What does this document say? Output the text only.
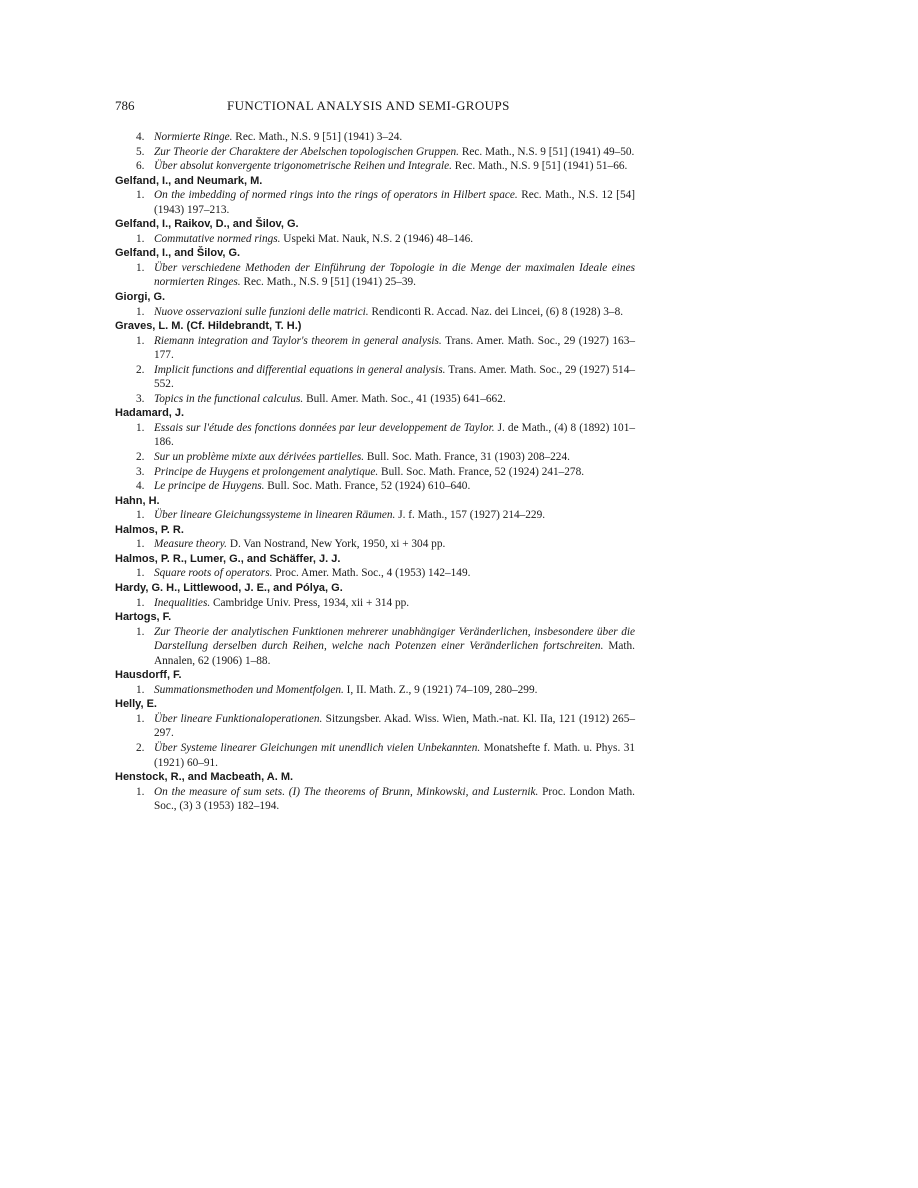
786	FUNCTIONAL ANALYSIS AND SEMI-GROUPS
4. Normierte Ringe. Rec. Math., N.S. 9 [51] (1941) 3–24.
5. Zur Theorie der Charaktere der Abelschen topologischen Gruppen. Rec. Math., N.S. 9 [51] (1941) 49–50.
6. Über absolut konvergente trigonometrische Reihen und Integrale. Rec. Math., N.S. 9 [51] (1941) 51–66.
Gelfand, I., and Neumark, M.
1. On the imbedding of normed rings into the rings of operators in Hilbert space. Rec. Math., N.S. 12 [54] (1943) 197–213.
Gelfand, I., Raikov, D., and Šilov, G.
1. Commutative normed rings. Uspeki Mat. Nauk, N.S. 2 (1946) 48–146.
Gelfand, I., and Šilov, G.
1. Über verschiedene Methoden der Einführung der Topologie in die Menge der maximalen Ideale eines normierten Ringes. Rec. Math., N.S. 9 [51] (1941) 25–39.
Giorgi, G.
1. Nuove osservazioni sulle funzioni delle matrici. Rendiconti R. Accad. Naz. dei Lincei, (6) 8 (1928) 3–8.
Graves, L. M. (Cf. Hildebrandt, T. H.)
1. Riemann integration and Taylor's theorem in general analysis. Trans. Amer. Math. Soc., 29 (1927) 163–177.
2. Implicit functions and differential equations in general analysis. Trans. Amer. Math. Soc., 29 (1927) 514–552.
3. Topics in the functional calculus. Bull. Amer. Math. Soc., 41 (1935) 641–662.
Hadamard, J.
1. Essais sur l'étude des fonctions données par leur developpement de Taylor. J. de Math., (4) 8 (1892) 101–186.
2. Sur un problème mixte aux dérivées partielles. Bull. Soc. Math. France, 31 (1903) 208–224.
3. Principe de Huygens et prolongement analytique. Bull. Soc. Math. France, 52 (1924) 241–278.
4. Le principe de Huygens. Bull. Soc. Math. France, 52 (1924) 610–640.
Hahn, H.
1. Über lineare Gleichungssysteme in linearen Räumen. J. f. Math., 157 (1927) 214–229.
Halmos, P. R.
1. Measure theory. D. Van Nostrand, New York, 1950, xi + 304 pp.
Halmos, P. R., Lumer, G., and Schäffer, J. J.
1. Square roots of operators. Proc. Amer. Math. Soc., 4 (1953) 142–149.
Hardy, G. H., Littlewood, J. E., and Pólya, G.
1. Inequalities. Cambridge Univ. Press, 1934, xii + 314 pp.
Hartogs, F.
1. Zur Theorie der analytischen Funktionen mehrerer unabhängiger Veränderlichen, insbesondere über die Darstellung derselben durch Reihen, welche nach Potenzen einer Veränderlichen fortschreiten. Math. Annalen, 62 (1906) 1–88.
Hausdorff, F.
1. Summationsmethoden und Momentfolgen. I, II. Math. Z., 9 (1921) 74–109, 280–299.
Helly, E.
1. Über lineare Funktionaloperationen. Sitzungsber. Akad. Wiss. Wien, Math.-nat. Kl. IIa, 121 (1912) 265–297.
2. Über Systeme linearer Gleichungen mit unendlich vielen Unbekannten. Monatshefte f. Math. u. Phys. 31 (1921) 60–91.
Henstock, R., and Macbeath, A. M.
1. On the measure of sum sets. (I) The theorems of Brunn, Minkowski, and Lusternik. Proc. London Math. Soc., (3) 3 (1953) 182–194.
